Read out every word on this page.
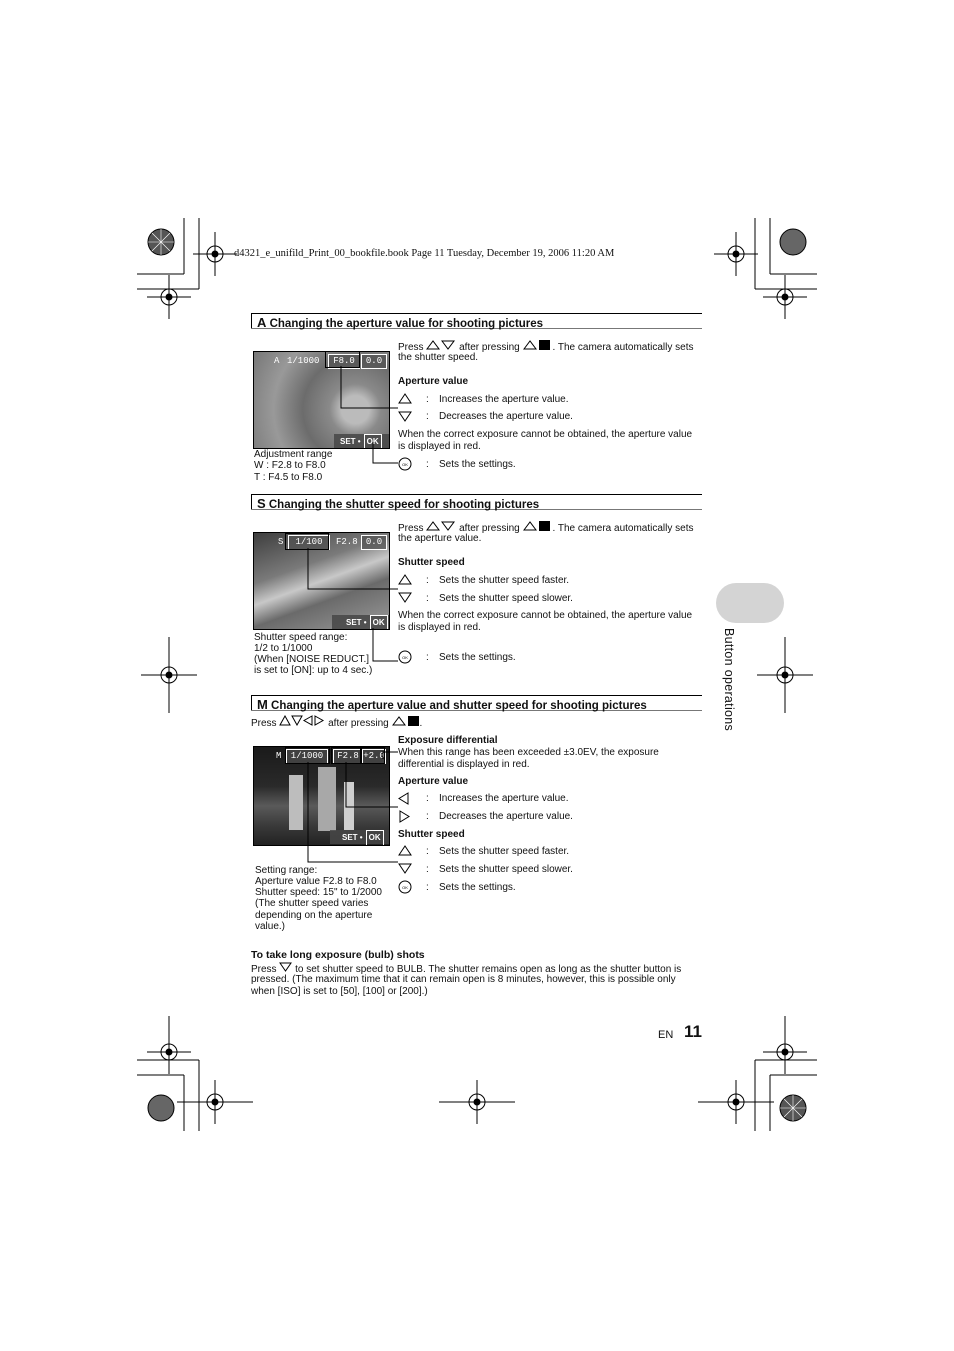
d4321_e_unifild_Print_00_bookfile.book Page 11 Tuesday, December 19, 2006 11:20 AM
A Changing the aperture value for shooting pictures
A 1/1000	F8.0	0.0
SET • OK
Adjustment range
W : F2.8 to F8.0
T : F4.5 to F8.0
Press	after pressing	. The camera automatically sets
the shutter speed.
Aperture value
: Increases the aperture value.
: Decreases the aperture value.
When the correct exposure cannot be obtained, the aperture value
is displayed in red.
OK : Sets the settings.
S Changing the shutter speed for shooting pictures
S	1/100	F2.8 0.0
SET • OK
Shutter speed range:
1/2 to 1/1000
(When [NOISE REDUCT.]
is set to [ON]: up to 4 sec.)
Press	after pressing	. The camera automatically sets
the aperture value.
Shutter speed
: Sets the shutter speed faster.
: Sets the shutter speed slower.
When the correct exposure cannot be obtained, the aperture value
is displayed in red.
OK : Sets the settings.
M Changing the aperture value and shutter speed for shooting pictures
Press	after pressing	.
M	1/1000	F2.8 +2.0
SET • OK
Setting range:
Aperture value F2.8 to F8.0
Shutter speed: 15" to 1/2000
(The shutter speed varies
depending on the aperture
value.)
Exposure differential
When this range has been exceeded ±3.0EV, the exposure
differential is displayed in red.
Aperture value
: Increases the aperture value.
: Decreases the aperture value.
Shutter speed
: Sets the shutter speed faster.
: Sets the shutter speed slower.
OK : Sets the settings.
To take long exposure (bulb) shots
Press to set shutter speed to BULB. The shutter remains open as long as the shutter button is
pressed. (The maximum time that it can remain open is 8 minutes, however, this is possible only
when [ISO] is set to [50], [100] or [200].)
Button operations
EN 11
